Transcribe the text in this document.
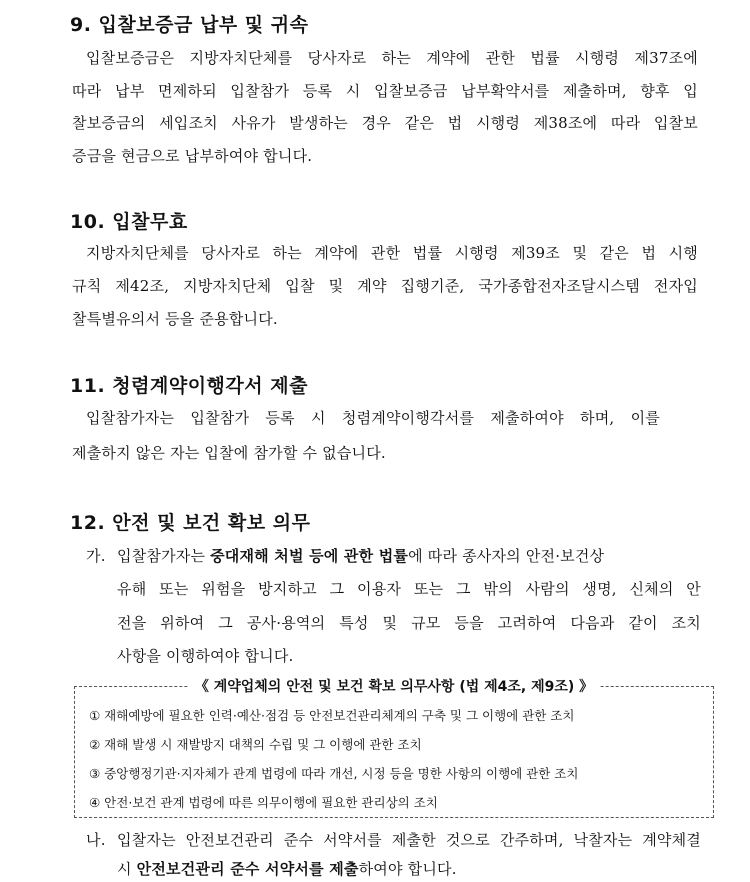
9. 입찰보증금 납부 및 귀속
입찰보증금은 지방자치단체를 당사자로 하는 계약에 관한 법률 시행령 제37조에
따라 납부 면제하되 입찰참가 등록 시 입찰보증금 납부확약서를 제출하며, 향후 입
찰보증금의 세입조치 사유가 발생하는 경우 같은 법 시행령 제38조에 따라 입찰보
증금을 현금으로 납부하여야 합니다.
10. 입찰무효
지방자치단체를 당사자로 하는 계약에 관한 법률 시행령 제39조 및 같은 법 시행
규칙 제42조, 지방자치단체 입찰 및 계약 집행기준, 국가종합전자조달시스템 전자입
찰특별유의서 등을 준용합니다.
11. 청렴계약이행각서 제출
입찰참가자는 입찰참가 등록 시 청렴계약이행각서를 제출하여야 하며, 이를
제출하지 않은 자는 입찰에 참가할 수 없습니다.
12. 안전 및 보건 확보 의무
가. 입찰참가자는 중대재해 처벌 등에 관한 법률에 따라 종사자의 안전·보건상
유해 또는 위험을 방지하고 그 이용자 또는 그 밖의 사람의 생명, 신체의 안
전을 위하여 그 공사·용역의 특성 및 규모 등을 고려하여 다음과 같이 조치
사항을 이행하여야 합니다.
《 계약업체의 안전 및 보건 확보 의무사항 (법 제4조, 제9조) 》
① 재해예방에 필요한 인력·예산·점검 등 안전보건관리체계의 구축 및 그 이행에 관한 조치
② 재해 발생 시 재발방지 대책의 수립 및 그 이행에 관한 조치
③ 중앙행정기관·지자체가 관계 법령에 따라 개선, 시정 등을 명한 사항의 이행에 관한 조치
④ 안전·보건 관계 법령에 따른 의무이행에 필요한 관리상의 조치
나. 입찰자는 안전보건관리 준수 서약서를 제출한 것으로 간주하며, 낙찰자는 계약체결
시 안전보건관리 준수 서약서를 제출하여야 합니다.
